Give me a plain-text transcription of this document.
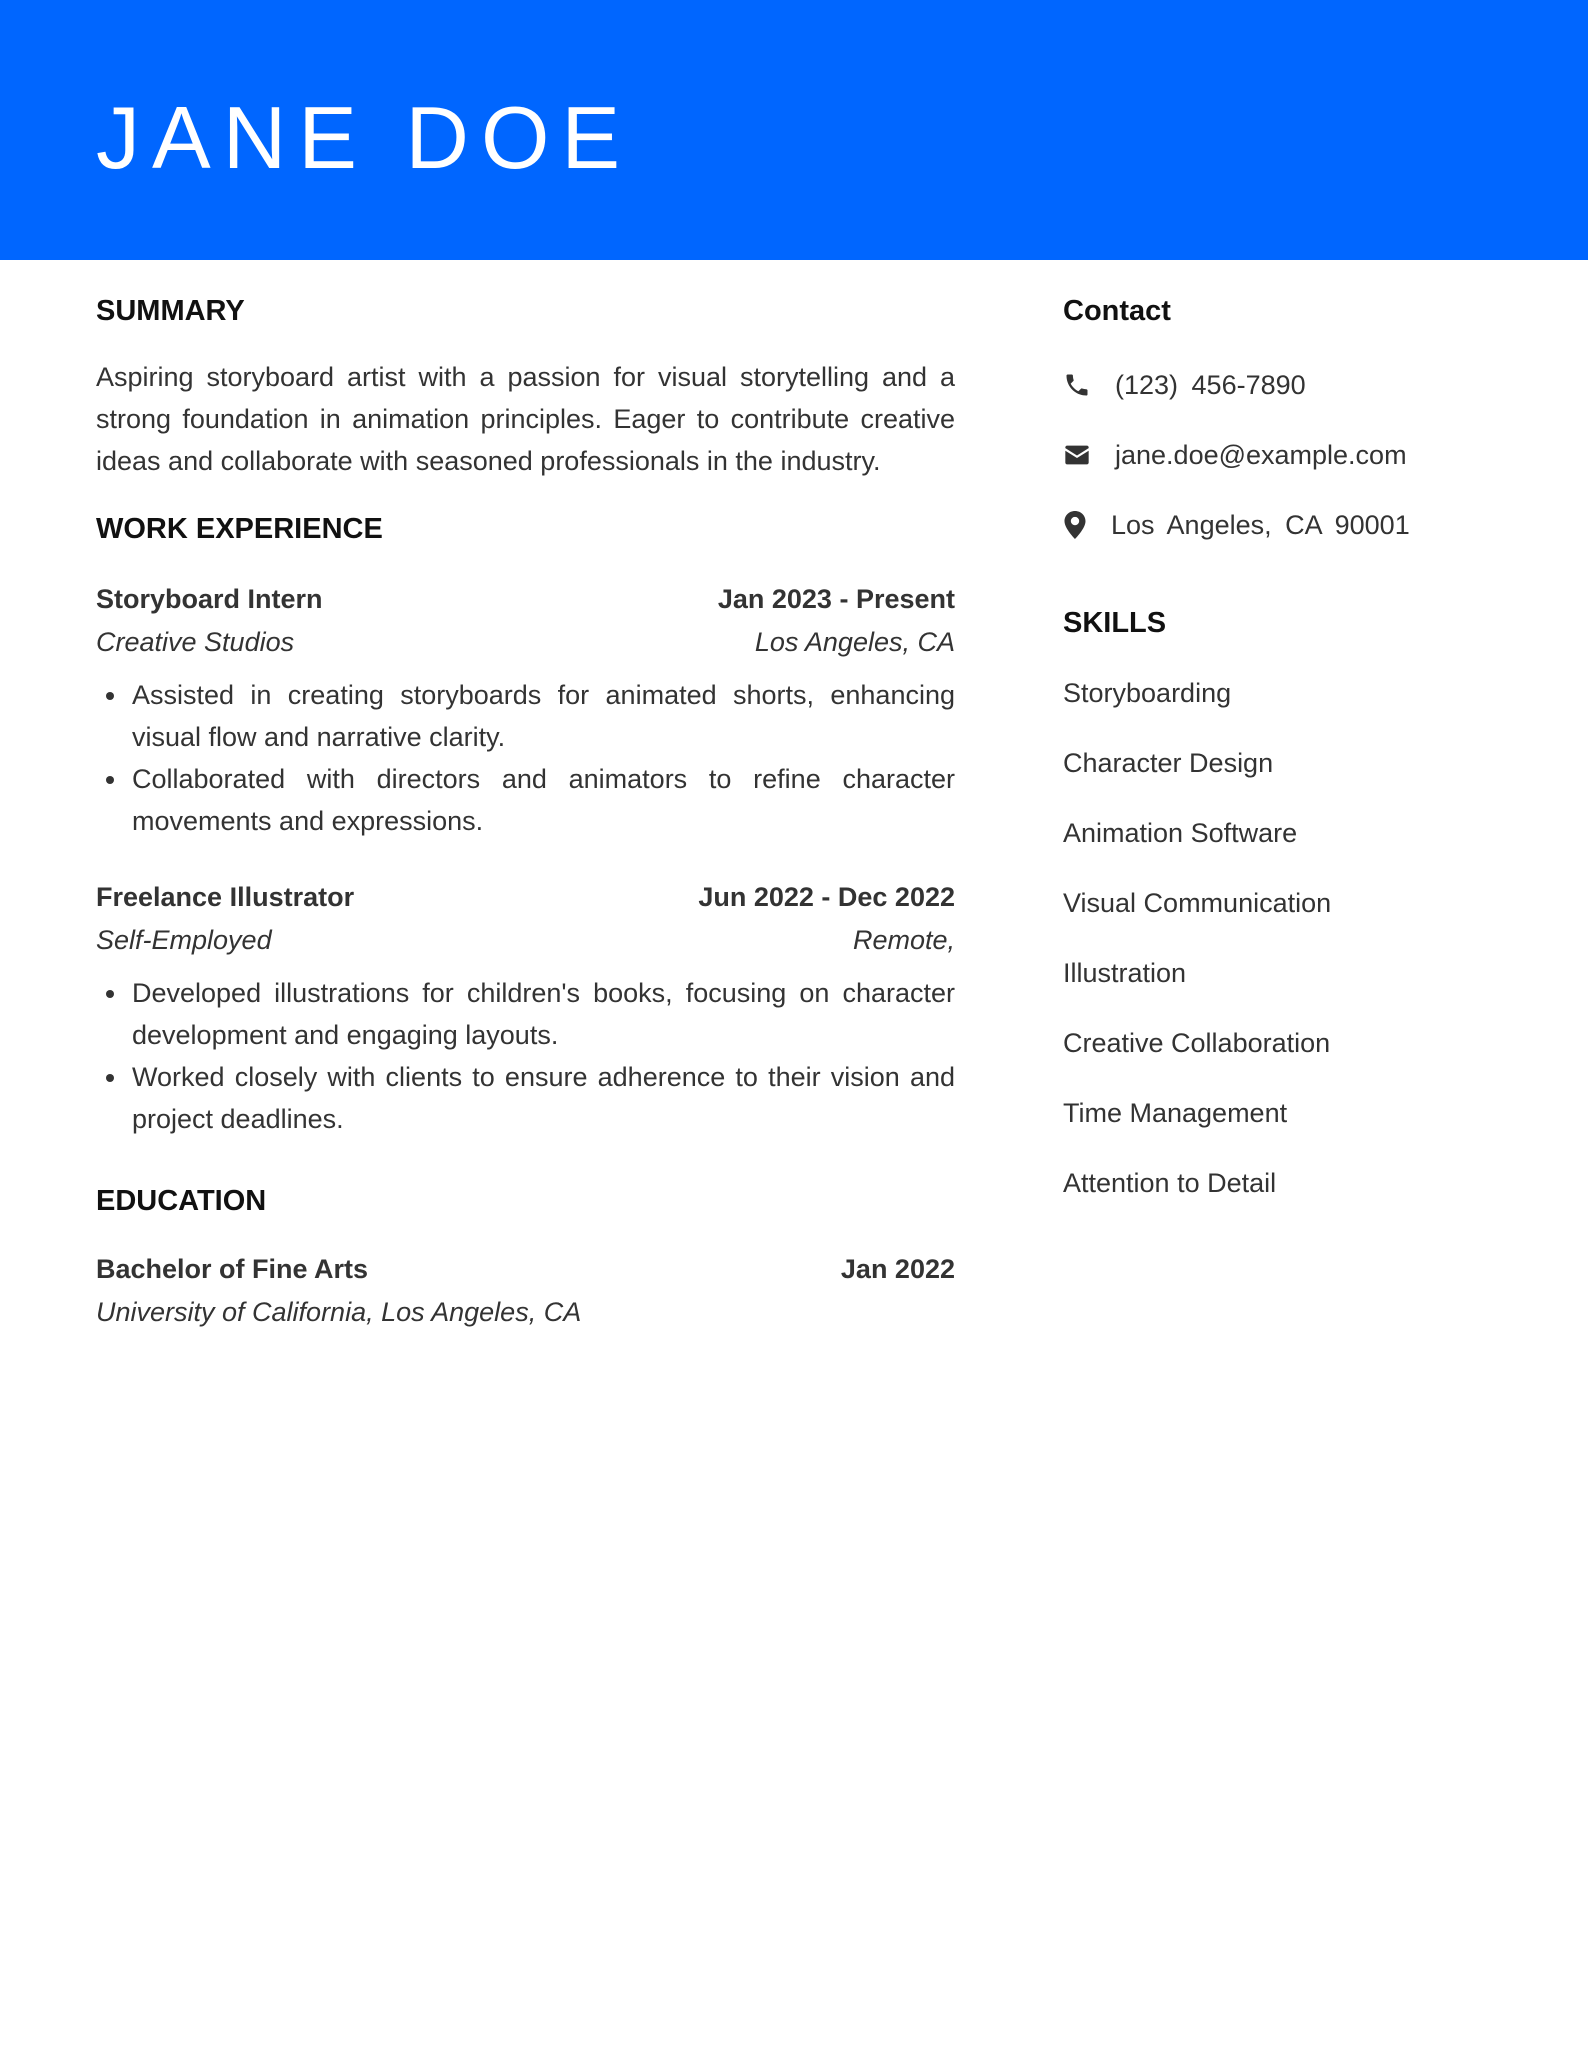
JANE DOE
SUMMARY

Aspiring storyboard artist with a passion for visual storytelling and a strong foundation in animation principles. Eager to contribute creative ideas and collaborate with seasoned professionals in the industry.

WORK EXPERIENCE
Storyboard Intern	Jan 2023 - Present
Creative Studios	Los Angeles, CA
Assisted in creating storyboards for animated shorts, enhancing visual flow and narrative clarity.
Collaborated with directors and animators to refine character movements and expressions.
Freelance Illustrator	Jun 2022 - Dec 2022
Self-Employed	Remote,
Developed illustrations for children's books, focusing on character development and engaging layouts.
Worked closely with clients to ensure adherence to their vision and project deadlines.
EDUCATION
Bachelor of Fine Arts	Jan 2022
University of California, Los Angeles, CA
Contact
(123) 456-7890
jane.doe@example.com
Los Angeles, CA 90001
SKILLS
Storyboarding
Character Design
Animation Software
Visual Communication
Illustration
Creative Collaboration
Time Management
Attention to Detail
